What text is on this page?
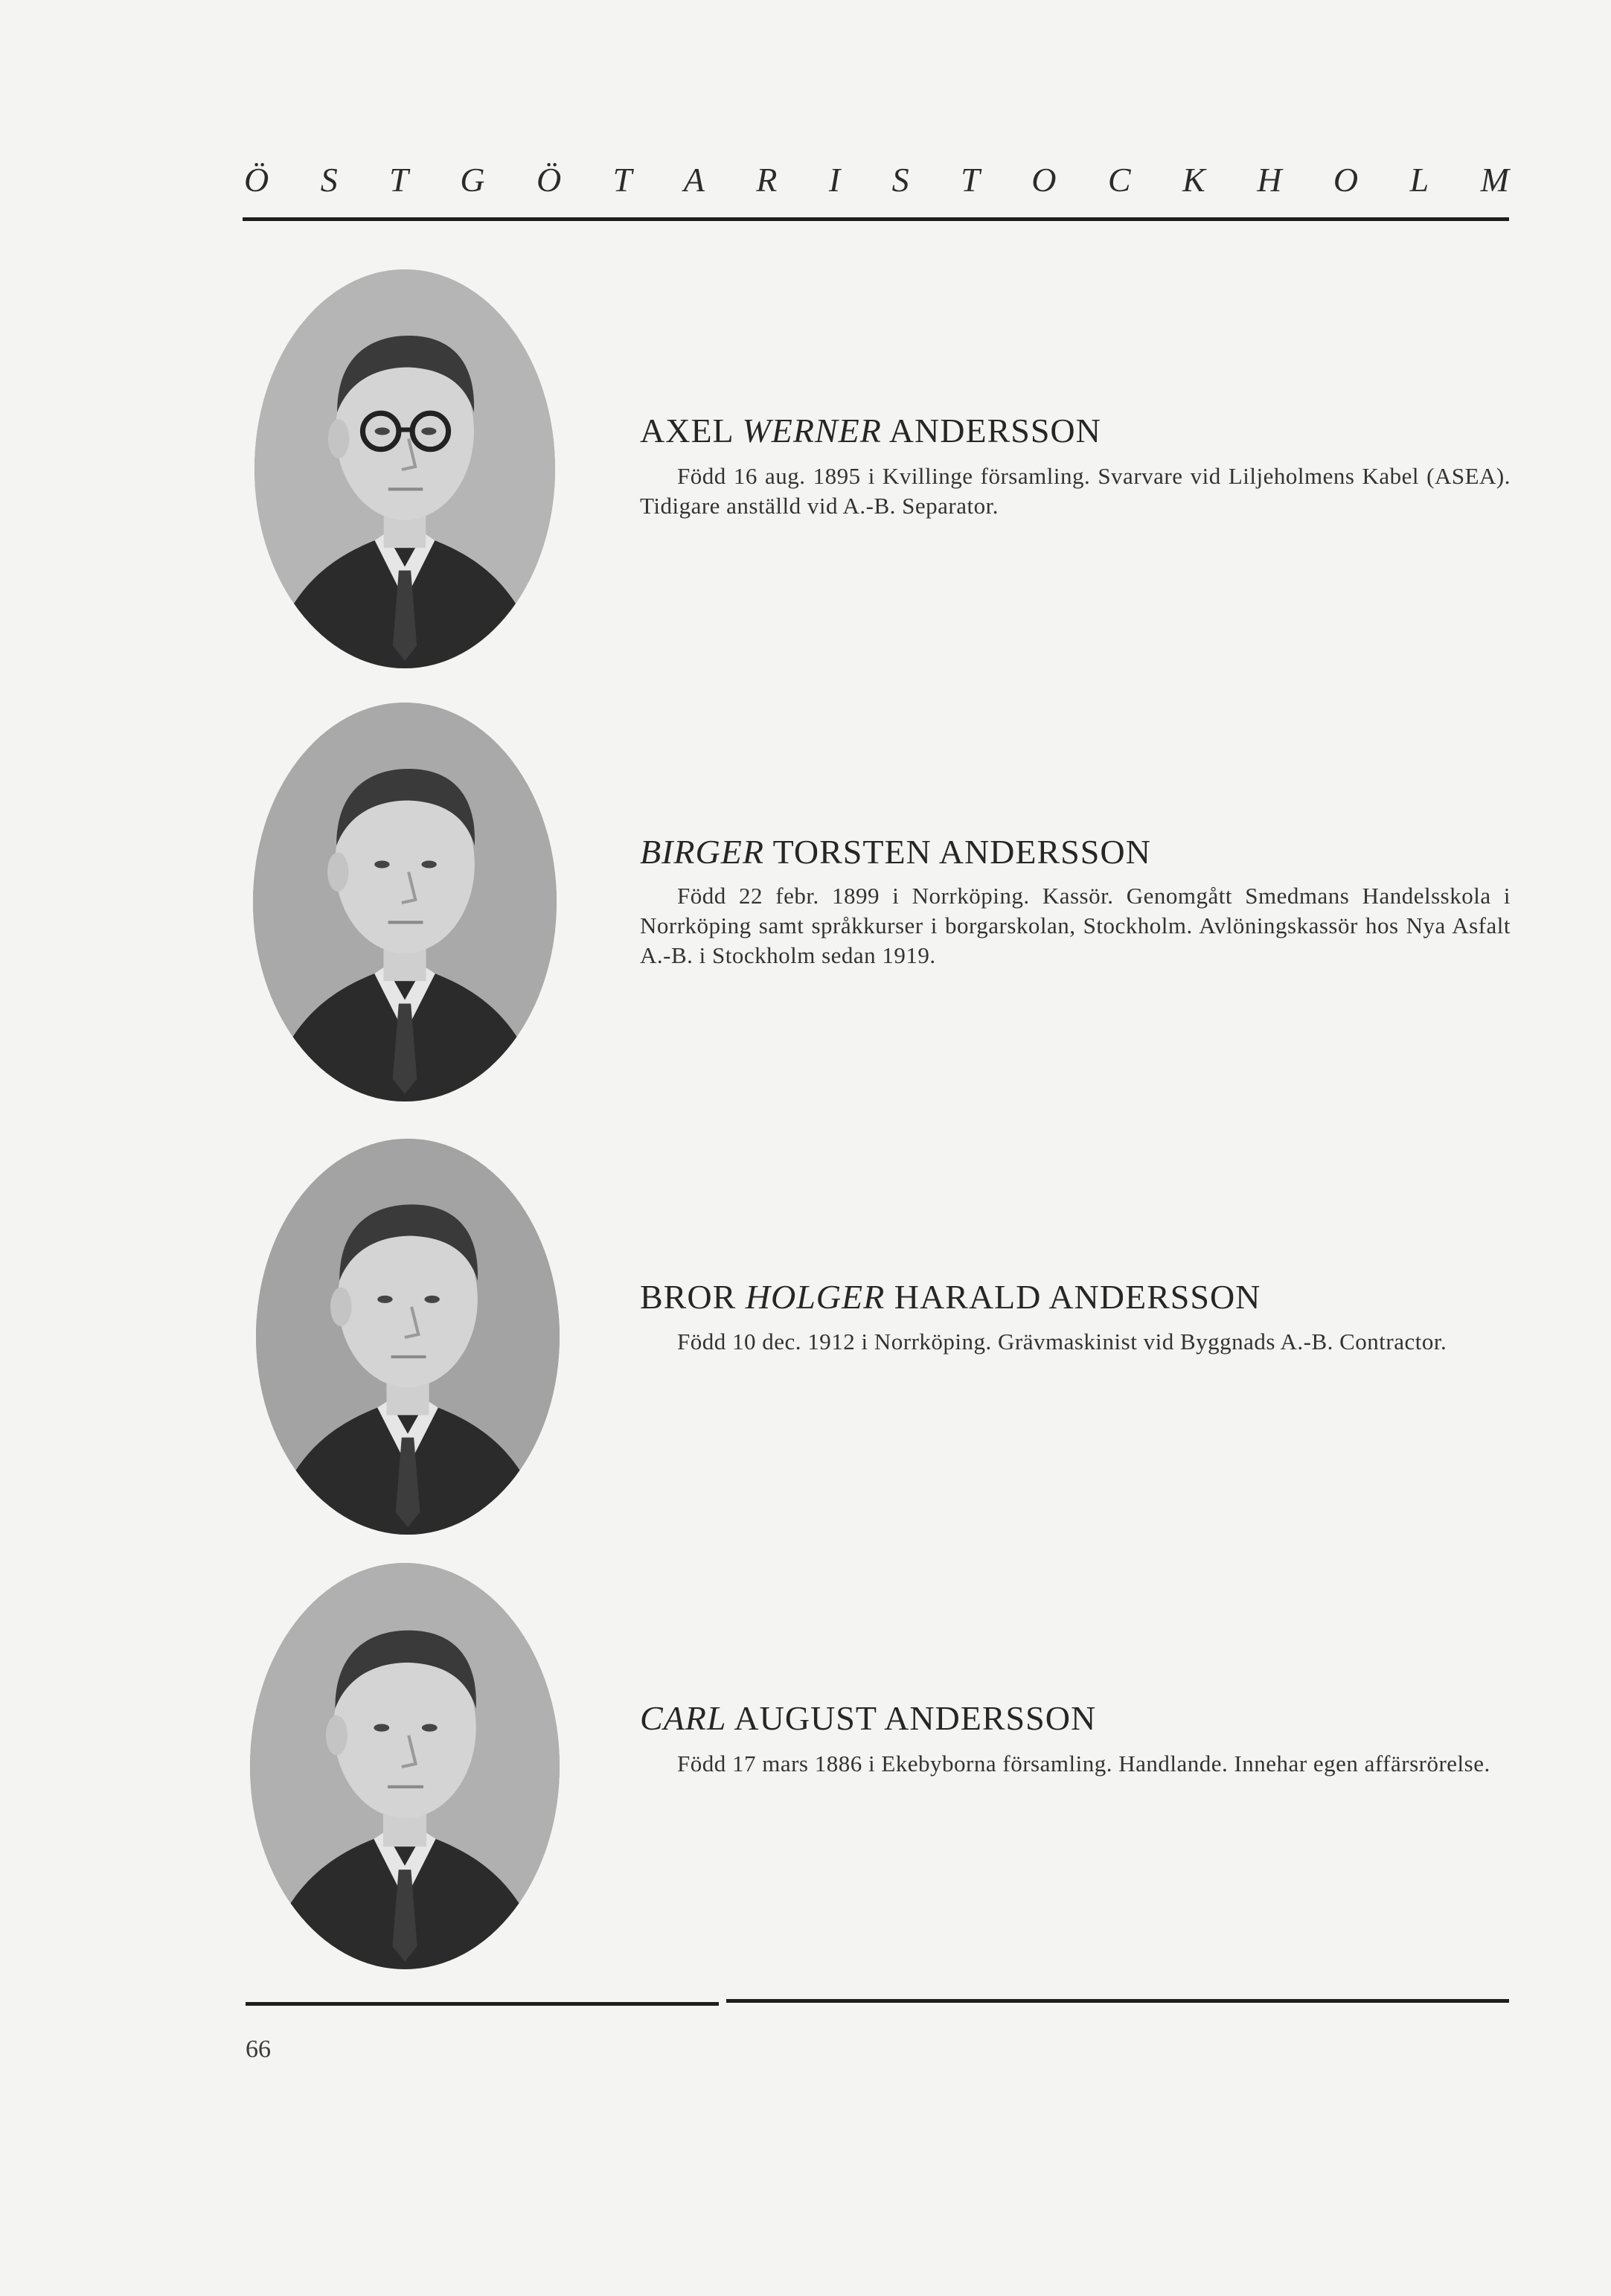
Ö S T G Ö T A R I S T O C K H O L M
AXEL WERNER ANDERSSON

Född 16 aug. 1895 i Kvillinge församling. Svarvare vid Liljeholmens Kabel (ASEA). Tidigare anställd vid A.-B. Separator.

BIRGER TORSTEN ANDERSSON

Född 22 febr. 1899 i Norrköping. Kassör. Genomgått Smedmans Handelsskola i Norrköping samt språkkurser i borgarskolan, Stockholm. Avlöningskassör hos Nya Asfalt A.-B. i Stockholm sedan 1919.

BROR HOLGER HARALD ANDERSSON

Född 10 dec. 1912 i Norrköping. Grävmaskinist vid Byggnads A.-B. Contractor.

CARL AUGUST ANDERSSON

Född 17 mars 1886 i Ekebyborna församling. Handlande. Innehar egen affärsrörelse.

66
